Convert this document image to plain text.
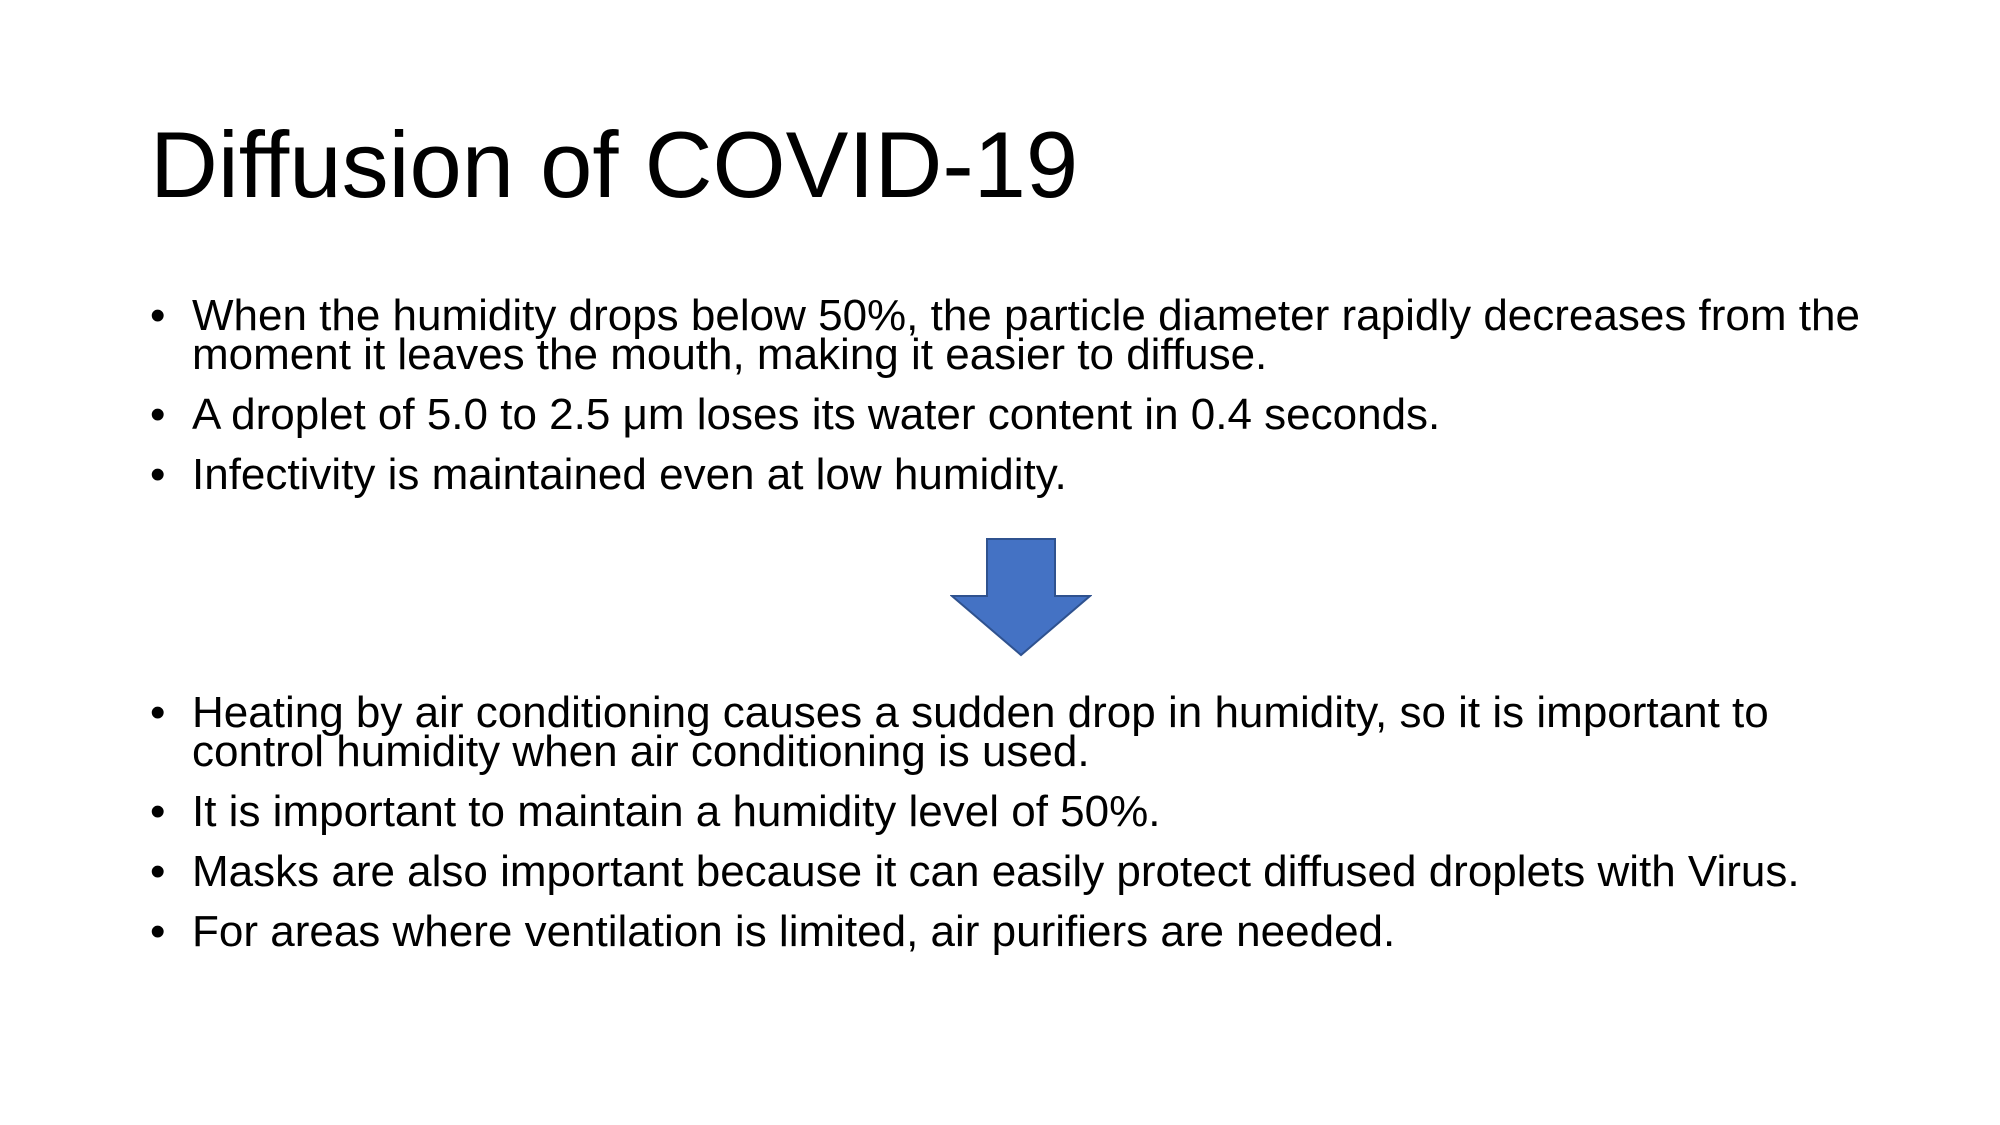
Diffusion of COVID-19
• When the humidity drops below 50%, the particle diameter rapidly decreases from the moment it leaves the mouth, making it easier to diffuse.
• A droplet of 5.0 to 2.5 μm loses its water content in 0.4 seconds.
• Infectivity is maintained even at low humidity.
• Heating by air conditioning causes a sudden drop in humidity, so it is important to control humidity when air conditioning is used.
• It is important to maintain a humidity level of 50%.
• Masks are also important because it can easily protect diffused droplets with Virus.
• For areas where ventilation is limited, air purifiers are needed.
